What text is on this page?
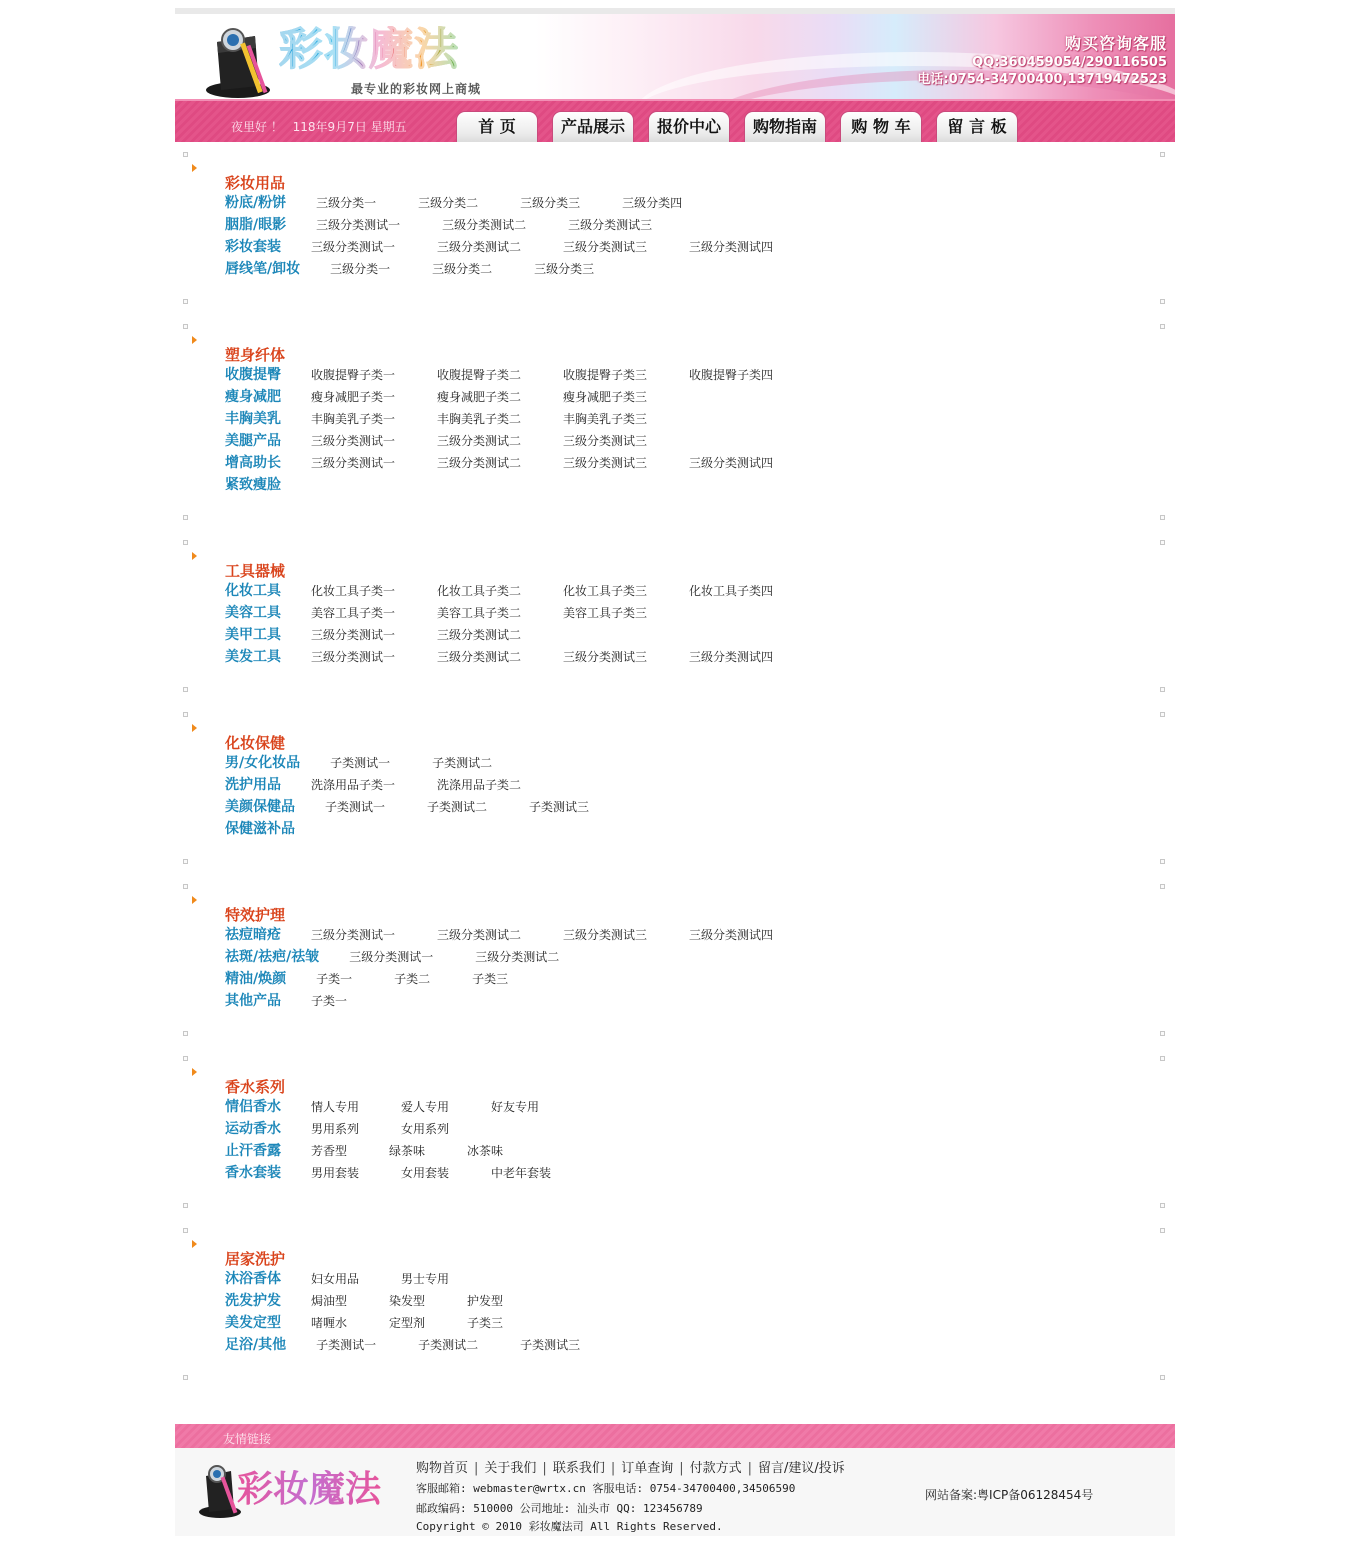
彩妆魔法
最专业的彩妆网上商城
购买咨询客服
QQ:360459054/290116505
电话:0754-34700400,13719472523
夜里好 ！ 118年9月7日 星期五	首 页	产品展示	报价中心	购物指南	购 物 车	留 言 板
彩妆用品
粉底/粉饼	三级分类一	三级分类二	三级分类三	三级分类四
胭脂/眼影	三级分类测试一	三级分类测试二	三级分类测试三
彩妆套装	三级分类测试一	三级分类测试二	三级分类测试三	三级分类测试四
唇线笔/卸妆	三级分类一	三级分类二	三级分类三
塑身纤体
收腹提臀	收腹提臀子类一	收腹提臀子类二	收腹提臀子类三	收腹提臀子类四
瘦身减肥	瘦身减肥子类一	瘦身减肥子类二	瘦身减肥子类三
丰胸美乳	丰胸美乳子类一	丰胸美乳子类二	丰胸美乳子类三
美腿产品	三级分类测试一	三级分类测试二	三级分类测试三
增高助长	三级分类测试一	三级分类测试二	三级分类测试三	三级分类测试四
紧致瘦脸
工具器械
化妆工具	化妆工具子类一	化妆工具子类二	化妆工具子类三	化妆工具子类四
美容工具	美容工具子类一	美容工具子类二	美容工具子类三
美甲工具	三级分类测试一	三级分类测试二
美发工具	三级分类测试一	三级分类测试二	三级分类测试三	三级分类测试四
化妆保健
男/女化妆品	子类测试一	子类测试二
洗护用品	洗涤用品子类一	洗涤用品子类二
美颜保健品	子类测试一	子类测试二	子类测试三
保健滋补品
特效护理
祛痘暗疮	三级分类测试一	三级分类测试二	三级分类测试三	三级分类测试四
祛斑/祛疤/祛皱	三级分类测试一	三级分类测试二
精油/焕颜	子类一	子类二	子类三
其他产品	子类一
香水系列
情侣香水	情人专用	爱人专用	好友专用
运动香水	男用系列	女用系列
止汗香露	芳香型	绿茶味	冰茶味
香水套装	男用套装	女用套装	中老年套装
居家洗护
沐浴香体	妇女用品	男士专用
洗发护发	焗油型	染发型	护发型
美发定型	啫喱水	定型剂	子类三
足浴/其他	子类测试一	子类测试二	子类测试三
友情链接
彩妆魔法
购物首页 | 关于我们 | 联系我们 | 订单查询 | 付款方式 | 留言/建议/投诉
客服邮箱: webmaster@wrtx.cn 客服电话: 0754-34700400,34506590
邮政编码: 510000 公司地址: 汕头市 QQ: 123456789
Copyright © 2010 彩妆魔法司 All Rights Reserved.
网站备案:粤ICP备06128454号
